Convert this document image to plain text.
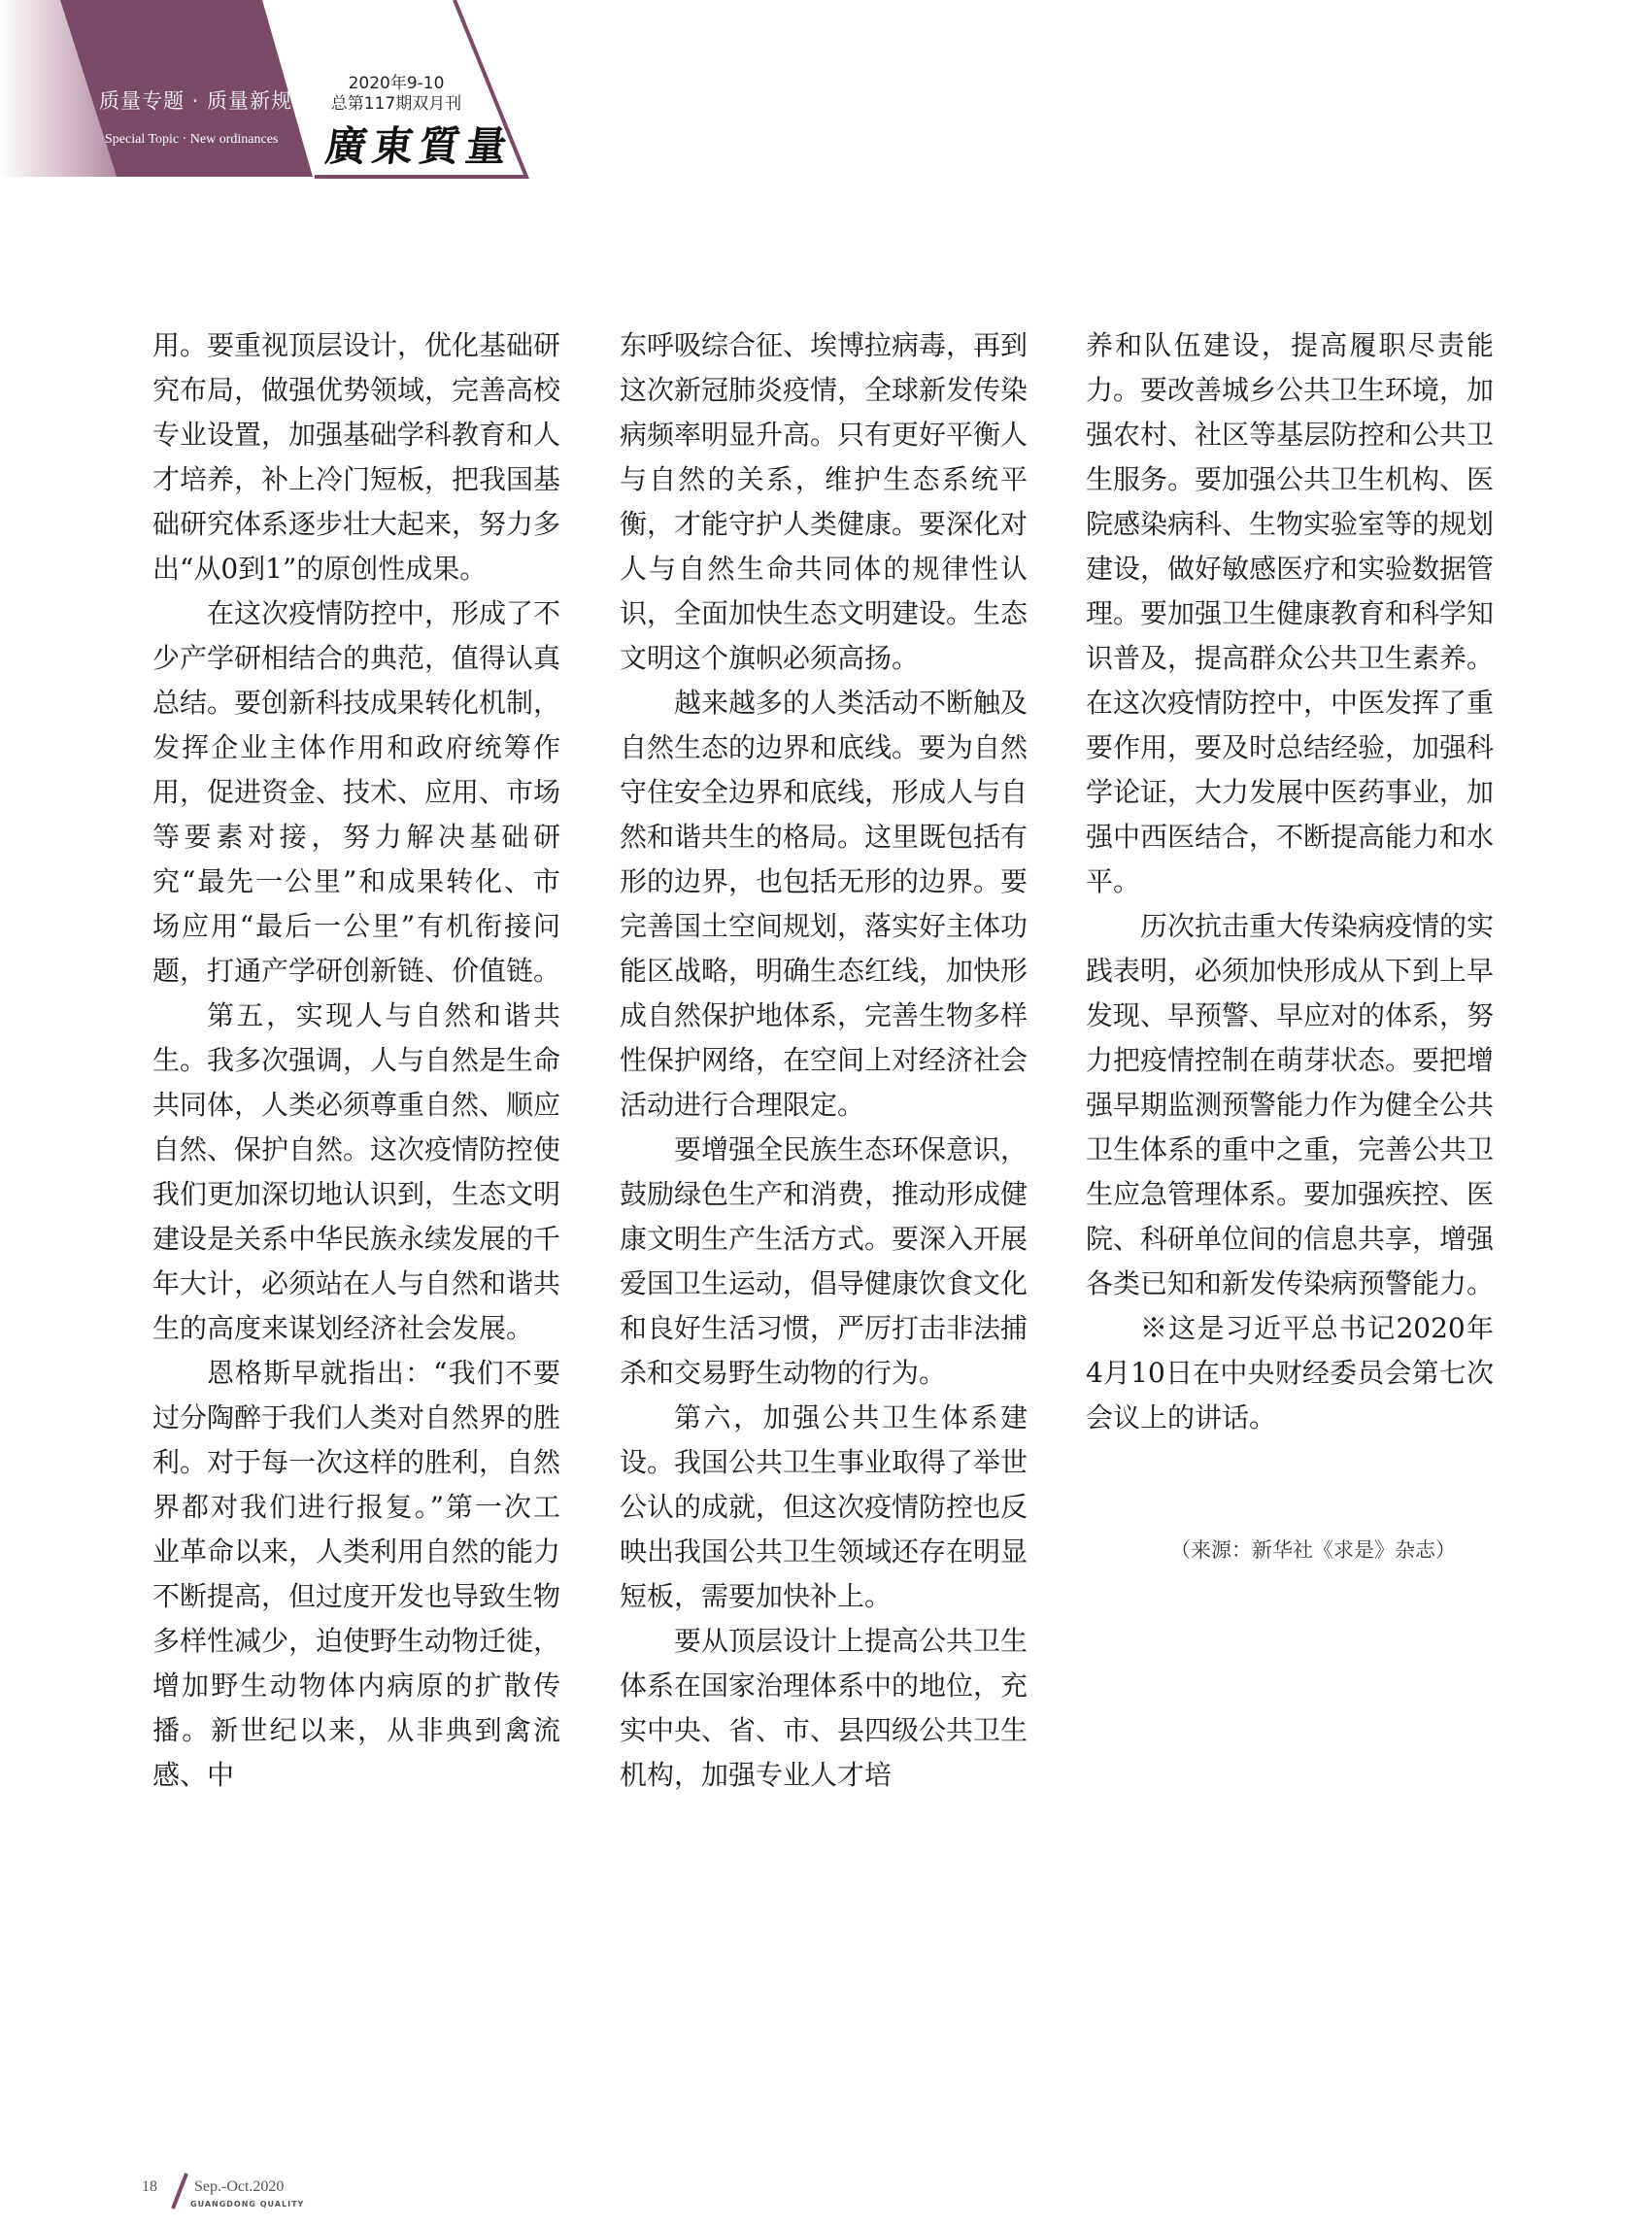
质量专题 · 质量新规
Special Topic · New ordinances
2020年9-10
总第117期双月刊
廣東質量

用。要重视顶层设计，优化基础研究布局，做强优势领域，完善高校专业设置，加强基础学科教育和人才培养，补上冷门短板，把我国基础研究体系逐步壮大起来，努力多出“从0到1”的原创性成果。

在这次疫情防控中，形成了不少产学研相结合的典范，值得认真总结。要创新科技成果转化机制，发挥企业主体作用和政府统筹作用，促进资金、技术、应用、市场等要素对接，努力解决基础研究“最先一公里”和成果转化、市场应用“最后一公里”有机衔接问题，打通产学研创新链、价值链。

第五，实现人与自然和谐共生。我多次强调，人与自然是生命共同体，人类必须尊重自然、顺应自然、保护自然。这次疫情防控使我们更加深切地认识到，生态文明建设是关系中华民族永续发展的千年大计，必须站在人与自然和谐共生的高度来谋划经济社会发展。

恩格斯早就指出：“我们不要过分陶醉于我们人类对自然界的胜利。对于每一次这样的胜利，自然界都对我们进行报复。”第一次工业革命以来，人类利用自然的能力不断提高，但过度开发也导致生物多样性减少，迫使野生动物迁徙，增加野生动物体内病原的扩散传播。新世纪以来，从非典到禽流感、中

东呼吸综合征、埃博拉病毒，再到这次新冠肺炎疫情，全球新发传染病频率明显升高。只有更好平衡人与自然的关系，维护生态系统平衡，才能守护人类健康。要深化对人与自然生命共同体的规律性认识，全面加快生态文明建设。生态文明这个旗帜必须高扬。

越来越多的人类活动不断触及自然生态的边界和底线。要为自然守住安全边界和底线，形成人与自然和谐共生的格局。这里既包括有形的边界，也包括无形的边界。要完善国土空间规划，落实好主体功能区战略，明确生态红线，加快形成自然保护地体系，完善生物多样性保护网络，在空间上对经济社会活动进行合理限定。

要增强全民族生态环保意识，鼓励绿色生产和消费，推动形成健康文明生产生活方式。要深入开展爱国卫生运动，倡导健康饮食文化和良好生活习惯，严厉打击非法捕杀和交易野生动物的行为。

第六，加强公共卫生体系建设。我国公共卫生事业取得了举世公认的成就，但这次疫情防控也反映出我国公共卫生领域还存在明显短板，需要加快补上。

要从顶层设计上提高公共卫生体系在国家治理体系中的地位，充实中央、省、市、县四级公共卫生机构，加强专业人才培

养和队伍建设，提高履职尽责能力。要改善城乡公共卫生环境，加强农村、社区等基层防控和公共卫生服务。要加强公共卫生机构、医院感染病科、生物实验室等的规划建设，做好敏感医疗和实验数据管理。要加强卫生健康教育和科学知识普及，提高群众公共卫生素养。在这次疫情防控中，中医发挥了重要作用，要及时总结经验，加强科学论证，大力发展中医药事业，加强中西医结合，不断提高能力和水平。

历次抗击重大传染病疫情的实践表明，必须加快形成从下到上早发现、早预警、早应对的体系，努力把疫情控制在萌芽状态。要把增强早期监测预警能力作为健全公共卫生体系的重中之重，完善公共卫生应急管理体系。要加强疾控、医院、科研单位间的信息共享，增强各类已知和新发传染病预警能力。

※这是习近平总书记2020年4月10日在中央财经委员会第七次会议上的讲话。

（来源：新华社《求是》杂志）
18 Sep.-Oct.2020
GUANGDONG QUALITY
